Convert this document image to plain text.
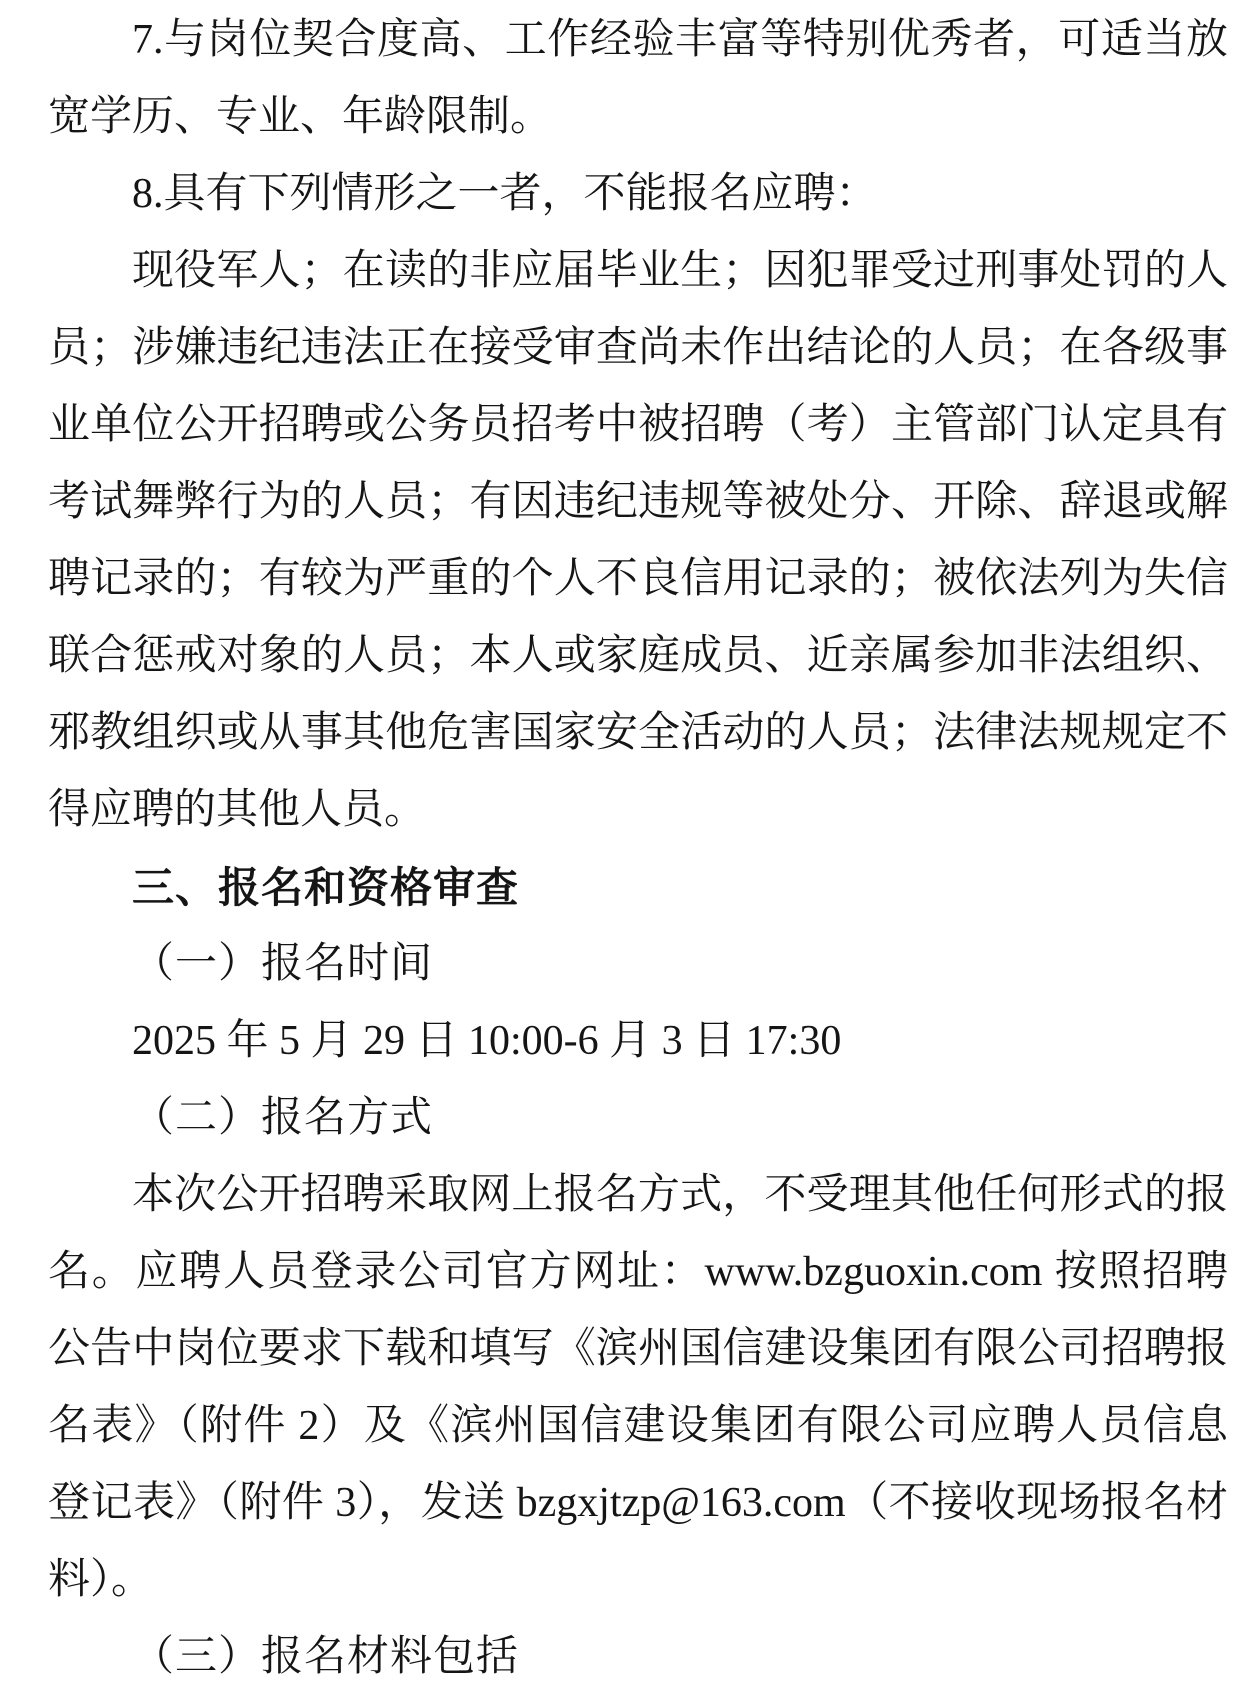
7.与岗位契合度高、工作经验丰富等特别优秀者，可适当放宽学历、专业、年龄限制。

8.具有下列情形之一者，不能报名应聘：

现役军人；在读的非应届毕业生；因犯罪受过刑事处罚的人员；涉嫌违纪违法正在接受审查尚未作出结论的人员；在各级事业单位公开招聘或公务员招考中被招聘（考）主管部门认定具有考试舞弊行为的人员；有因违纪违规等被处分、开除、辞退或解聘记录的；有较为严重的个人不良信用记录的；被依法列为失信联合惩戒对象的人员；本人或家庭成员、近亲属参加非法组织、邪教组织或从事其他危害国家安全活动的人员；法律法规规定不得应聘的其他人员。

三、报名和资格审查

（一）报名时间

2025 年 5 月 29 日 10:00-6 月 3 日 17:30

（二）报名方式

本次公开招聘采取网上报名方式，不受理其他任何形式的报名。应聘人员登录公司官方网址：www.bzguoxin.com 按照招聘公告中岗位要求下载和填写《滨州国信建设集团有限公司招聘报名表》（附件 2）及《滨州国信建设集团有限公司应聘人员信息登记表》（附件 3），发送 bzgxjtzp@163.com（不接收现场报名材料）。

（三）报名材料包括
